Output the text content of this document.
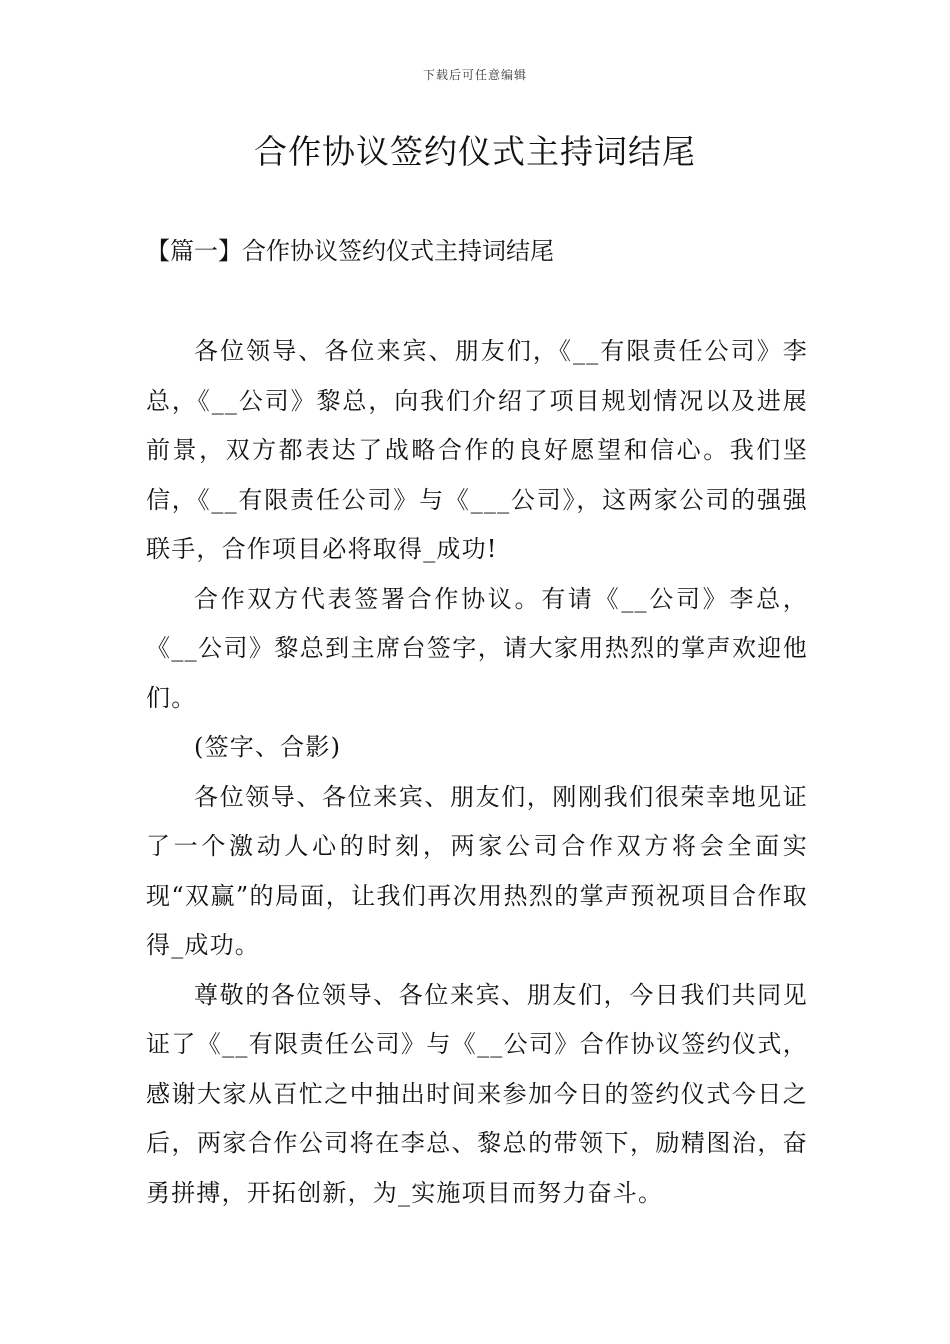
下载后可任意编辑
合作协议签约仪式主持词结尾
【篇一】合作协议签约仪式主持词结尾

各位领导、各位来宾、朋友们，《__有限责任公司》李总，《__公司》黎总，向我们介绍了项目规划情况以及进展前景，双方都表达了战略合作的良好愿望和信心。我们坚信，《__有限责任公司》与《___公司》，这两家公司的强强联手，合作项目必将取得_成功!

合作双方代表签署合作协议。有请《__公司》李总，《__公司》黎总到主席台签字，请大家用热烈的掌声欢迎他们。

(签字、合影)

各位领导、各位来宾、朋友们，刚刚我们很荣幸地见证了一个激动人心的时刻，两家公司合作双方将会全面实现“双赢”的局面，让我们再次用热烈的掌声预祝项目合作取得_成功。

尊敬的各位领导、各位来宾、朋友们，今日我们共同见证了《__有限责任公司》与《__公司》合作协议签约仪式，感谢大家从百忙之中抽出时间来参加今日的签约仪式今日之后，两家合作公司将在李总、黎总的带领下，励精图治，奋勇拼搏，开拓创新，为_实施项目而努力奋斗。
